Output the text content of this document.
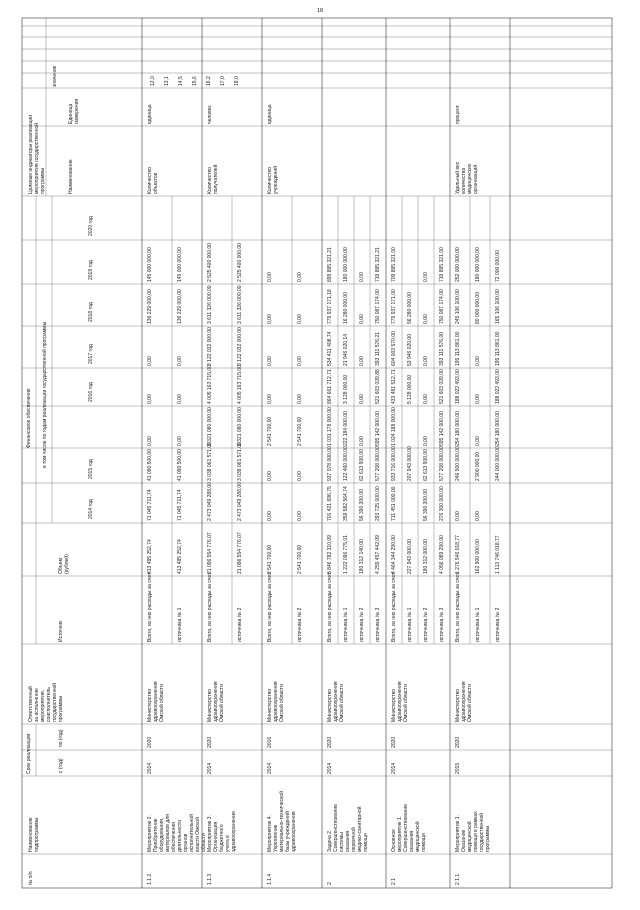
18
№ п/п
Наименование подпрограммы
Срок реализации	с (год)
по (год)
Ответственный за исполнение мероприятия, соисполнитель государственной программы
Финансовое обеспечение
Источник
Объем (рублей)
в том числе по годам реализации государственной программы
2014 год
2015 год
2016 год
2017 год
2018 год
2019 год
2020 год
Целевые индикаторы реализации мероприятия государственной программы	Наименование
Единица измерения
значение
1.1.2
Мероприятие 2. Приобретение оборудования, материалов для обеспечения деятельности органов исполнительной власти Омской области
2014
2020
Министерство здравоохранения Омской области
Всего, из них расходы за счет:
413 485 252,74
71 045 711,74
41 090 500,00
0,00
0,00
0,00
136 229 000,00
145 000 000,00
источника № 1
413 485 252,74
71 045 711,74
41 090 500,00
0,00
0,00
0,00
136 229 000,00
145 000 000,00
Количество объектов
единица
1.1.3
Мероприятие 3. Организация бюджетного учета в здравоохранении
2014
2020
Министерство здравоохранения Омской области
Всего, из них расходы за счет:
21 096 554 776,07
2 473 049 288,00
3 038 061 571,00
3 321 080 000,00
4 005 163 715,00
3 122 032 000,00
3 611 326 000,00
2 525 400 000,00
источника № 2
21 096 554 776,07
2 473 049 288,00
3 038 061 571,00
3 321 080 000,00
4 005 163 715,00
3 122 032 000,00
3 611 326 000,00
2 525 400 000,00
Количество получателей
человек
1.1.4
Мероприятие 4. Укрепление материально-технической базы учреждений здравоохранения
2014
2016
Министерство здравоохранения Омской области
Всего, из них расходы за счет:
2 541 700,00
0,00
0,00
2 541 700,00
0,00
0,00
0,00
0,00
источника № 2
2 541 700,00
0,00
0,00
2 541 700,00
0,00
0,00
0,00
0,00
Количество учреждений
единица
2
Задача 2. Совершенствование системы оказания первичной медико-санитарной помощи
2014
2020
Министерство здравоохранения Омской области
Всего, из них расходы за счет:
5 846 782 310,09
701 421 696,75
937 078 000,00
1 031 178 000,00
864 661 712,71
534 411 408,74
779 937 171,18
899 885 321,21
источника № 1
1 222 096 775,01
359 582 564,74
122 460 000,00
222 184 000,00
3 128 000,00
21 946 020,14
16 280 000,00
180 000 000,00
источника № 2
180 312 140,00
56 390 300,00
62 613 500,00
0,00
0,00
0,00
0,00
0,00
источника № 3
4 255 457 442,09
293 725 000,00
577 208 000,00
595 142 000,00
521 603 039,88
393 111 576,21
750 087 174,00
719 885 321,21
2.1
Основное мероприятие 1. Совершенствование оказания медицинской помощи
2014
2020
Министерство здравоохранения Омской области
Всего, из них расходы за счет:
4 464 344 290,00
711 451 000,00
933 716 000,00
1 024 188 000,00
433 481 512,71
604 003 570,00
779 937 171,00
709 885 321,00
источника № 1
227 943 000,00
207 943 000,00
5 128 000,00
53 946 020,00
56 280 000,00
источника № 2
180 312 000,00
56 390 300,00
62 613 500,00
0,00
0,00
0,00
0,00
0,00
источника № 3
4 056 089 290,00
276 300 000,00
577 208 000,00
595 142 000,00
521 603 039,00
393 111 576,00
750 087 174,00
719 885 321,00
2.1.1
Мероприятие 1. Оказание медицинской помощи в рамках государственной программы
2015
2020
Министерство здравоохранения Омской области
Всего, из них расходы за счет:
1 276 546 018,77
0,00
246 500 000,00
254 180 000,00
188 022 493,00
195 113 861,00
245 106 100,00
252 000 000,00
источника № 1
162 900 000,00
0,00
2 900 000,00
0,00
0,00
0,00
80 000 000,00
180 000 000,00
источника № 2
1 113 746 018,77
244 000 000,00
254 180 000,00
188 022 493,00
195 113 861,00
165 106 100,00
72 000 000,00
Удельный вес количества медицинских организаций
процент
12,0 13,1 14,5 15,6 16,2 17,0 18,0
